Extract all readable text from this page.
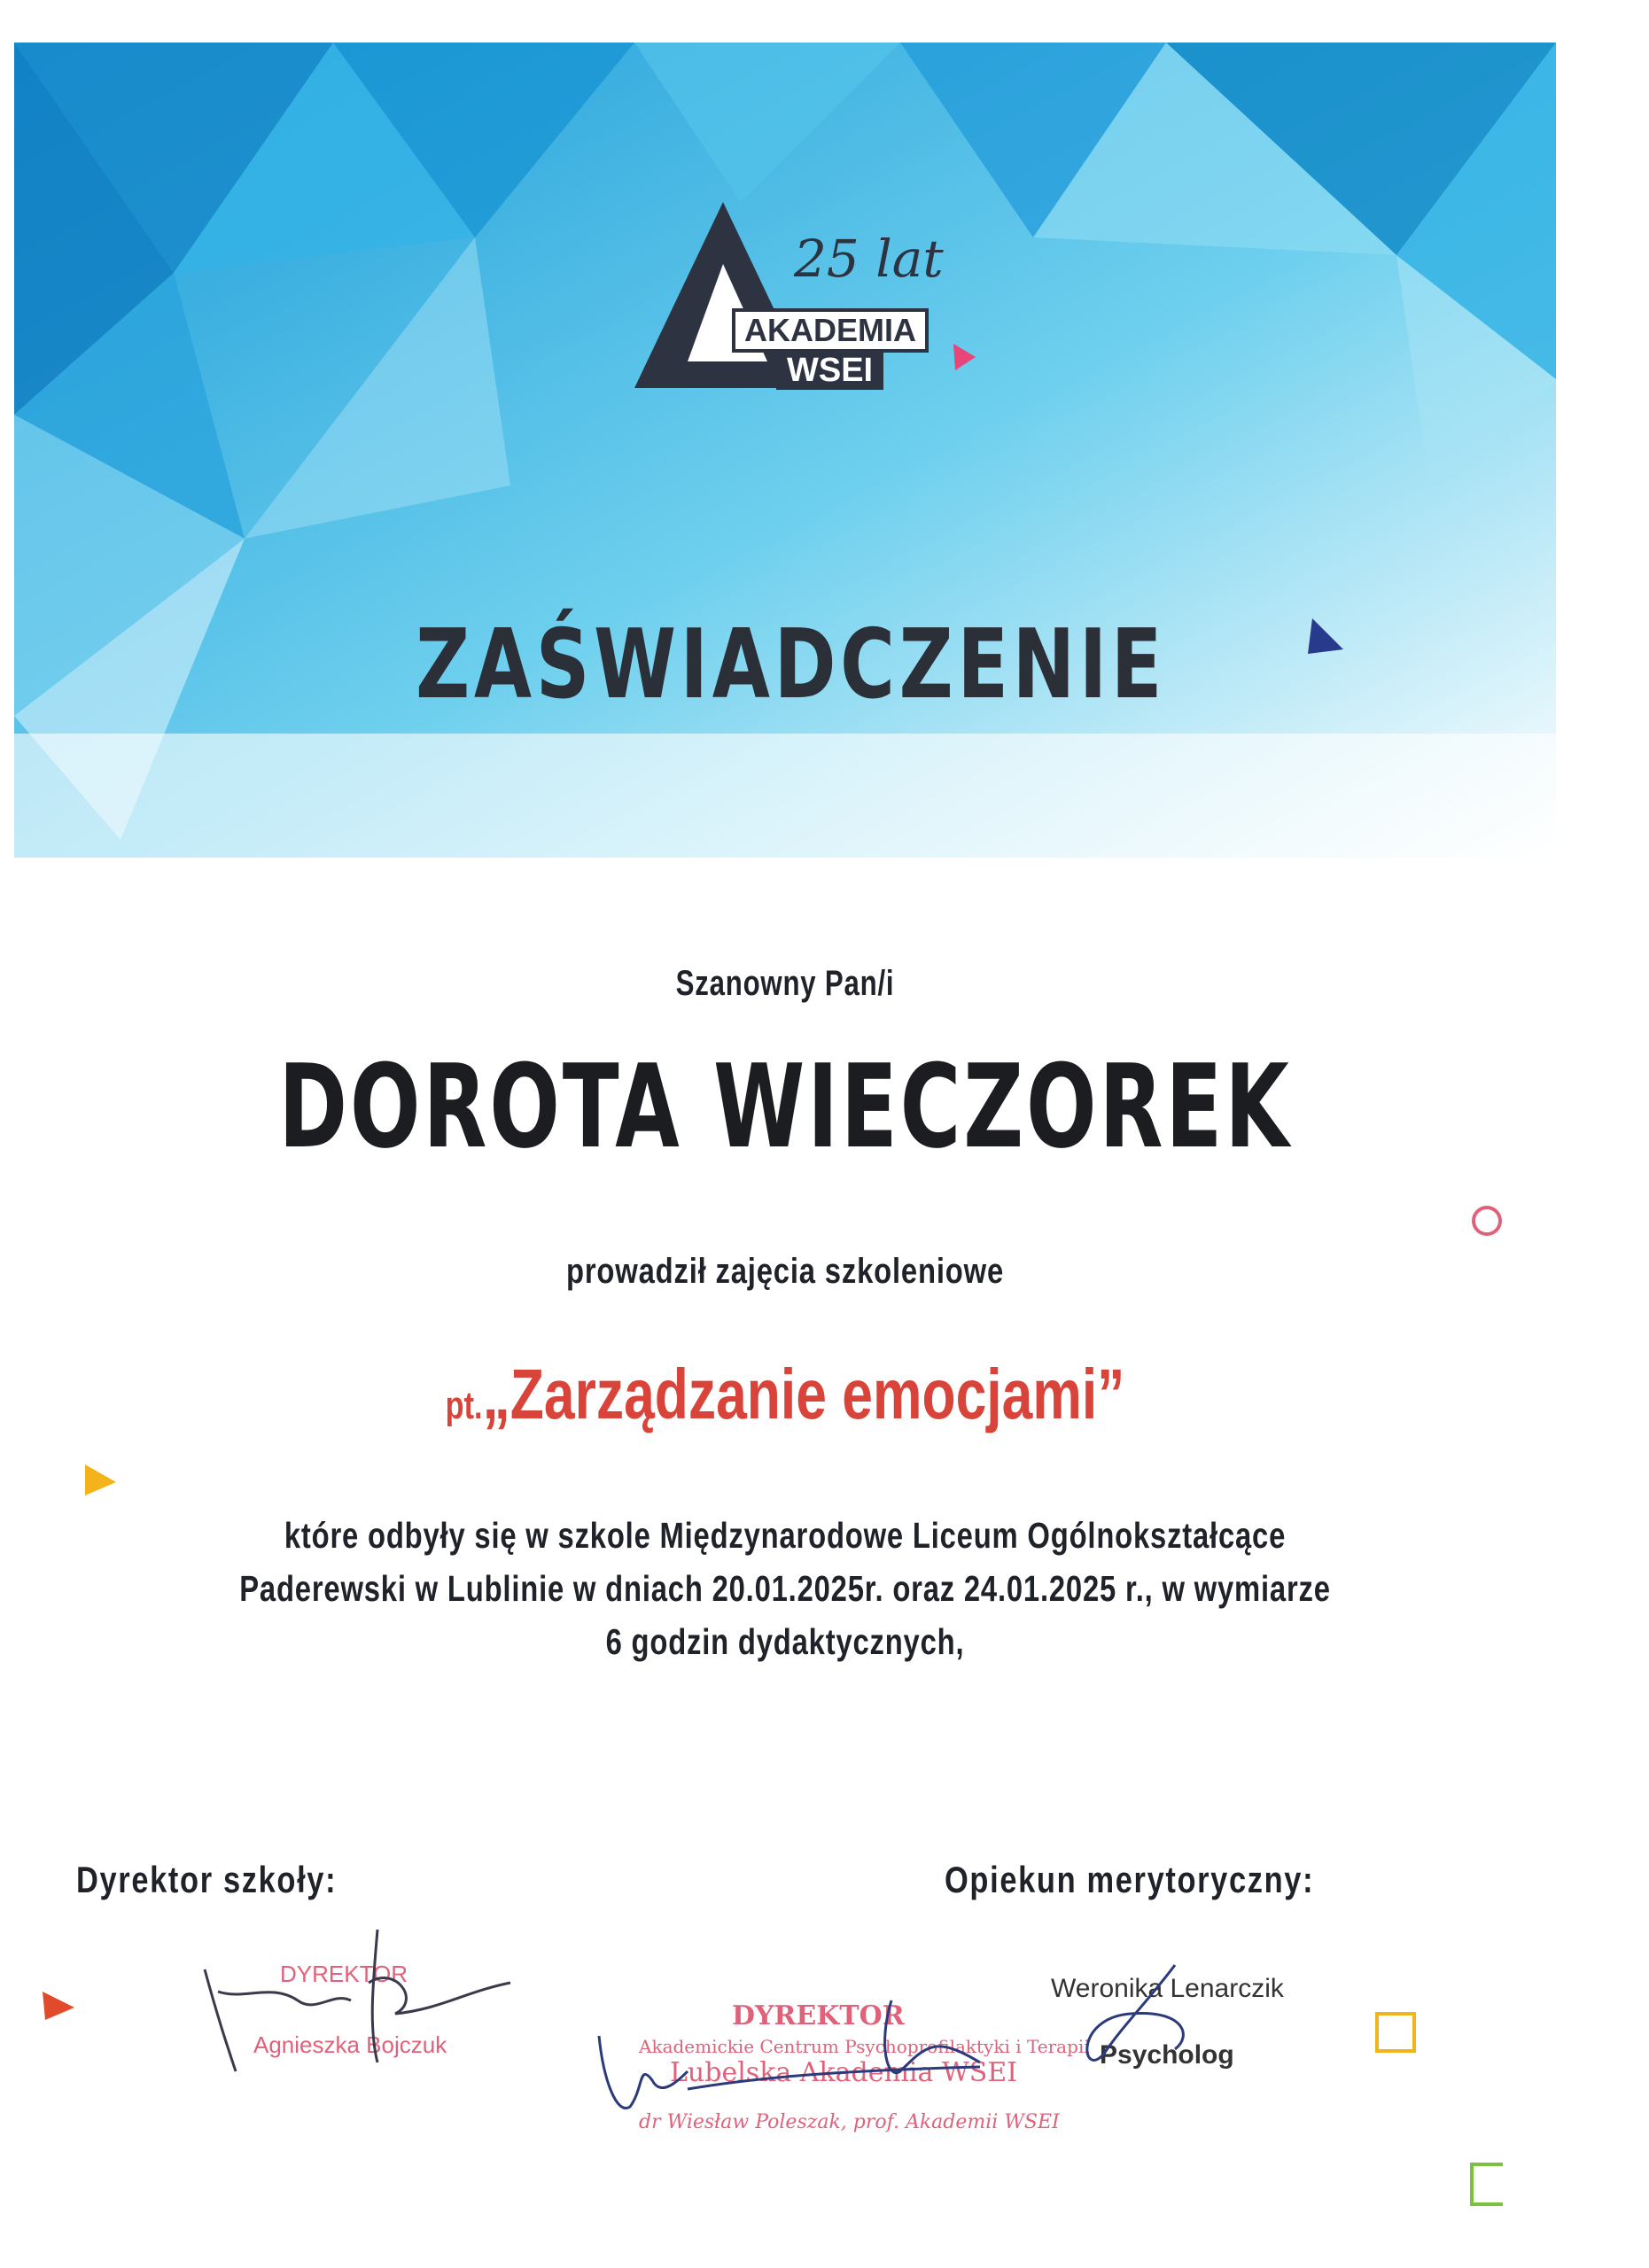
25 lat
AKADEMIA
WSEI
ZAŚWIADCZENIE
Szanowny Pan/i
DOROTA WIECZOREK
prowadził zajęcia szkoleniowe
pt.„Zarządzanie emocjami”
które odbyły się w szkole Międzynarodowe Liceum Ogólnokształcące
Paderewski w Lublinie w dniach 20.01.2025r. oraz 24.01.2025 r., w wymiarze
6 godzin dydaktycznych,
Dyrektor szkoły:	Opiekun merytoryczny:
DYREKTOR
Agnieszka Bojczuk
DYREKTOR
Akademickie Centrum Psychoprofilaktyki i Terapii
Lubelska Akademia WSEI
dr Wiesław Poleszak, prof. Akademii WSEI
Weronika Lenarczik
Psycholog
